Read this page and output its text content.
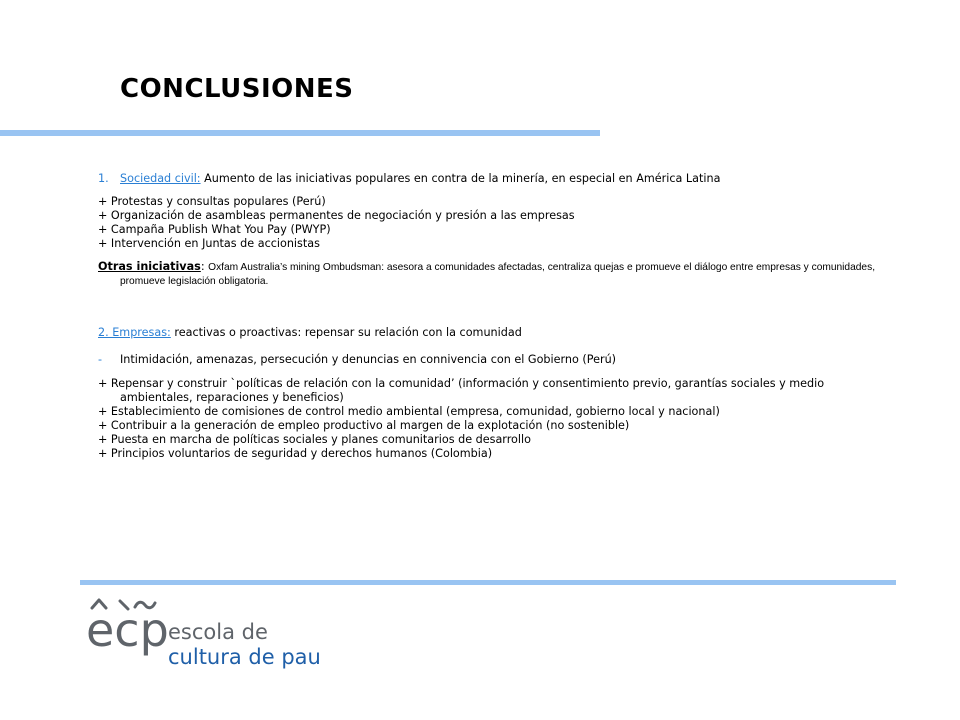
CONCLUSIONES

1. Sociedad civil: Aumento de las iniciativas populares en contra de la minería, en especial en América Latina

+ Protestas y consultas populares (Perú)

+ Organización de asambleas permanentes de negociación y presión a las empresas

+ Campaña Publish What You Pay (PWYP)

+ Intervención en Juntas de accionistas

Otras iniciativas: Oxfam Australia’s mining Ombudsman: asesora a comunidades afectadas, centraliza quejas e promueve el diálogo entre empresas y comunidades, promueve legislación obligatoria.

2. Empresas: reactivas o proactivas: repensar su relación con la comunidad

- Intimidación, amenazas, persecución y denuncias en connivencia con el Gobierno (Perú)

+ Repensar y construir `políticas de relación con la comunidad’ (información y consentimiento previo, garantías sociales y medio ambientales, reparaciones y beneficios)

+ Establecimiento de comisiones de control medio ambiental (empresa, comunidad, gobierno local y nacional)

+ Contribuir a la generación de empleo productivo al margen de la explotación (no sostenible)

+ Puesta en marcha de políticas sociales y planes comunitarios de desarrollo

+ Principios voluntarios de seguridad y derechos humanos (Colombia)

ecp escola de
cultura de pau
